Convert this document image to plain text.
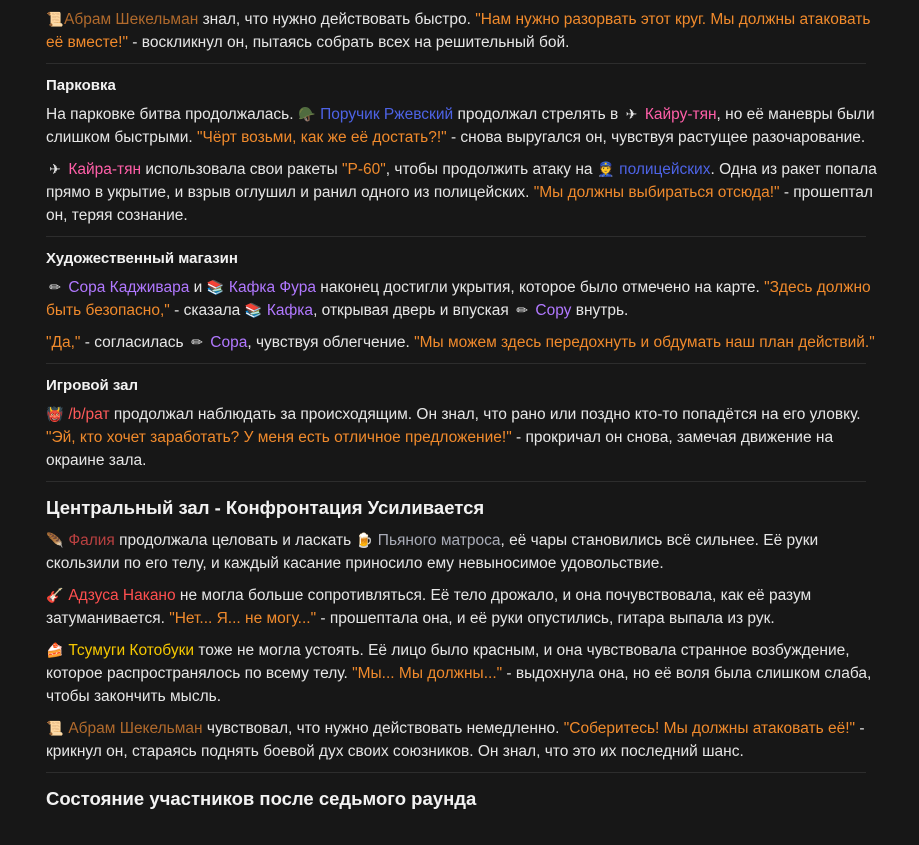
📜Абрам Шекельман знал, что нужно действовать быстро. "Нам нужно разорвать этот круг. Мы должны атаковать её вместе!" - воскликнул он, пытаясь собрать всех на решительный бой.

Парковка

На парковке битва продолжалась. 🪖 Поручик Ржевский продолжал стрелять в ✈ Кайру-тян, но её маневры были слишком быстрыми. "Чёрт возьми, как же её достать?!" - снова выругался он, чувствуя растущее разочарование.

✈ Кайра-тян использовала свои ракеты "Р-60", чтобы продолжить атаку на 👮 полицейских. Одна из ракет попала прямо в укрытие, и взрыв оглушил и ранил одного из полицейских. "Мы должны выбираться отсюда!" - прошептал он, теряя сознание.

Художественный магазин

✏ Сора Кадживара и 📚 Кафка Фура наконец достигли укрытия, которое было отмечено на карте. "Здесь должно быть безопасно," - сказала 📚 Кафка, открывая дверь и впуская ✏ Сору внутрь.

"Да," - согласилась ✏ Сора, чувствуя облегчение. "Мы можем здесь передохнуть и обдумать наш план действий."

Игровой зал

👹 /b/рат продолжал наблюдать за происходящим. Он знал, что рано или поздно кто-то попадётся на его уловку. "Эй, кто хочет заработать? У меня есть отличное предложение!" - прокричал он снова, замечая движение на окраине зала.

Центральный зал - Конфронтация Усиливается

🪶 Фалия продолжала целовать и ласкать 🍺 Пьяного матроса, её чары становились всё сильнее. Её руки скользили по его телу, и каждый касание приносило ему невыносимое удовольствие.

🎸 Адзуса Накано не могла больше сопротивляться. Её тело дрожало, и она почувствовала, как её разум затуманивается. "Нет... Я... не могу..." - прошептала она, и её руки опустились, гитара выпала из рук.

🍰 Тсумуги Котобуки тоже не могла устоять. Её лицо было красным, и она чувствовала странное возбуждение, которое распространялось по всему телу. "Мы... Мы должны..." - выдохнула она, но её воля была слишком слаба, чтобы закончить мысль.

📜 Абрам Шекельман чувствовал, что нужно действовать немедленно. "Соберитесь! Мы должны атаковать её!" - крикнул он, стараясь поднять боевой дух своих союзников. Он знал, что это их последний шанс.

Состояние участников после седьмого раунда
